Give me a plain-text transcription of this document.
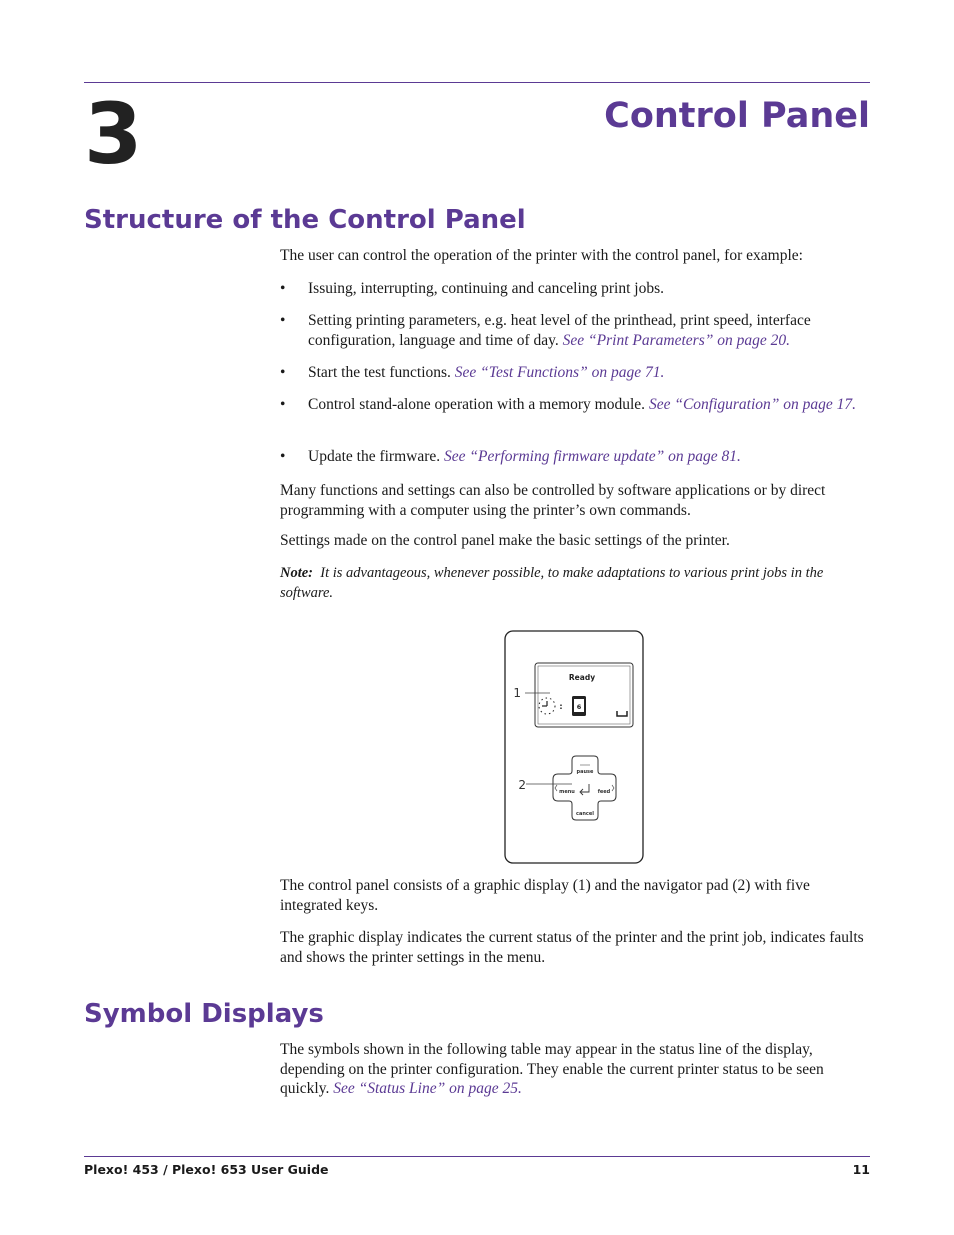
3	Control Panel
Structure of the Control Panel

The user can control the operation of the printer with the control panel, for example:

• Issuing, interrupting, continuing and canceling print jobs.
• Setting printing parameters, e.g. heat level of the printhead, print speed, interface configuration, language and time of day. See “Print Parameters” on page 20.
• Start the test functions. See “Test Functions” on page 71.
• Control stand-alone operation with a memory module. See “Configuration” on page 17.
• Update the firmware. See “Performing firmware update” on page 81.

Many functions and settings can also be controlled by software applications or by direct programming with a computer using the printer’s own commands.

Settings made on the control panel make the basic settings of the printer.

Note: It is advantageous, whenever possible, to make adaptations to various print jobs in the software.

Ready
: 6
1
pause
menu	feed
cancel
2

The control panel consists of a graphic display (1) and the navigator pad (2) with five integrated keys.

The graphic display indicates the current status of the printer and the print job, indicates faults and shows the printer settings in the menu.

Symbol Displays

The symbols shown in the following table may appear in the status line of the display, depending on the printer configuration. They enable the current printer status to be seen quickly. See “Status Line” on page 25.

Plexo! 453 / Plexo! 653 User Guide	11
